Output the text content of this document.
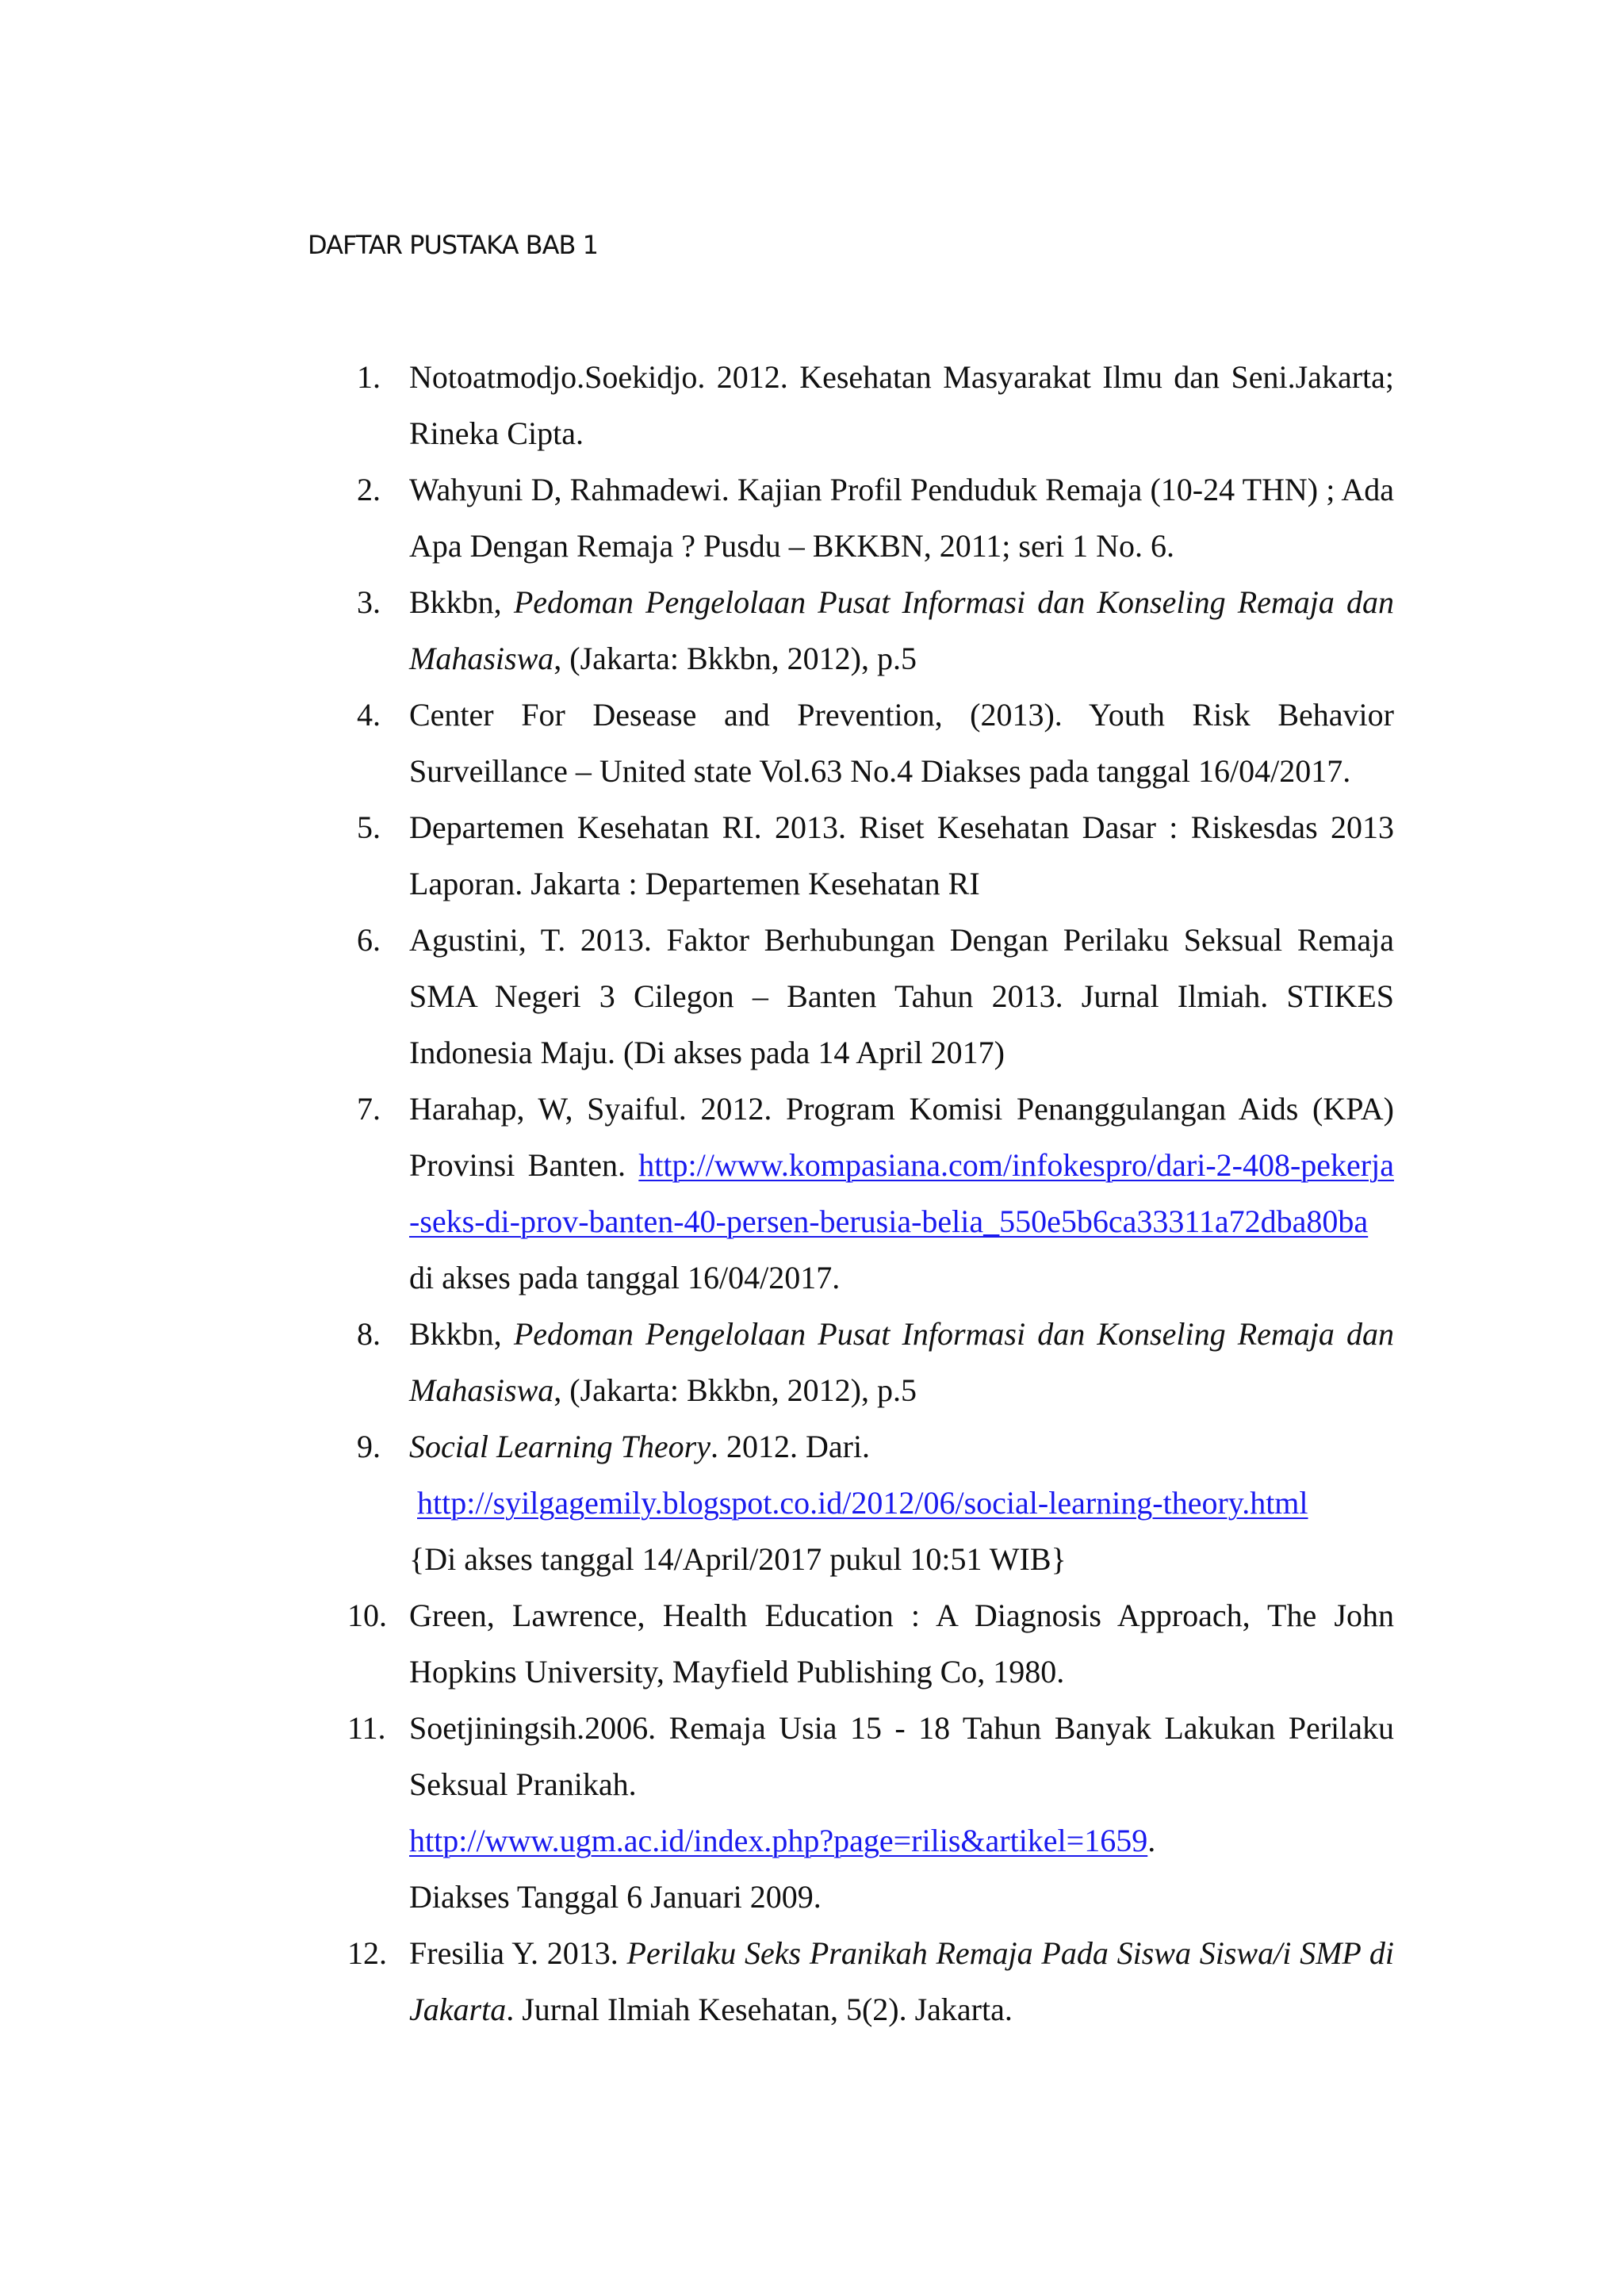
DAFTAR PUSTAKA BAB 1
1. Notoatmodjo.Soekidjo. 2012. Kesehatan Masyarakat Ilmu dan Seni.Jakarta; Rineka Cipta.
2. Wahyuni D, Rahmadewi. Kajian Profil Penduduk Remaja (10-24 THN) ; Ada Apa Dengan Remaja ? Pusdu – BKKBN, 2011; seri 1 No. 6.
3. Bkkbn, Pedoman Pengelolaan Pusat Informasi dan Konseling Remaja dan Mahasiswa, (Jakarta: Bkkbn, 2012), p.5
4. Center For Desease and Prevention, (2013). Youth Risk Behavior Surveillance – United state Vol.63 No.4 Diakses pada tanggal 16/04/2017.
5. Departemen Kesehatan RI. 2013. Riset Kesehatan Dasar : Riskesdas 2013 Laporan. Jakarta : Departemen Kesehatan RI
6. Agustini, T. 2013. Faktor Berhubungan Dengan Perilaku Seksual Remaja SMA Negeri 3 Cilegon – Banten Tahun 2013. Jurnal Ilmiah. STIKES Indonesia Maju. (Di akses pada 14 April 2017)
7. Harahap, W, Syaiful. 2012. Program Komisi Penanggulangan Aids (KPA) Provinsi Banten. http://www.kompasiana.com/infokespro/dari-2-408-pekerja-seks-di-prov-banten-40-persen-berusia-belia_550e5b6ca33311a72dba80ba di akses pada tanggal 16/04/2017.
8. Bkkbn, Pedoman Pengelolaan Pusat Informasi dan Konseling Remaja dan Mahasiswa, (Jakarta: Bkkbn, 2012), p.5
9. Social Learning Theory. 2012. Dari.
http://syilgagemily.blogspot.co.id/2012/06/social-learning-theory.html
{Di akses tanggal 14/April/2017 pukul 10:51 WIB}
10. Green, Lawrence, Health Education : A Diagnosis Approach, The John Hopkins University, Mayfield Publishing Co, 1980.
11. Soetjiningsih.2006. Remaja Usia 15 - 18 Tahun Banyak Lakukan Perilaku Seksual Pranikah.
http://www.ugm.ac.id/index.php?page=rilis&artikel=1659.
Diakses Tanggal 6 Januari 2009.
12. Fresilia Y. 2013. Perilaku Seks Pranikah Remaja Pada Siswa Siswa/i SMP di Jakarta. Jurnal Ilmiah Kesehatan, 5(2). Jakarta.
